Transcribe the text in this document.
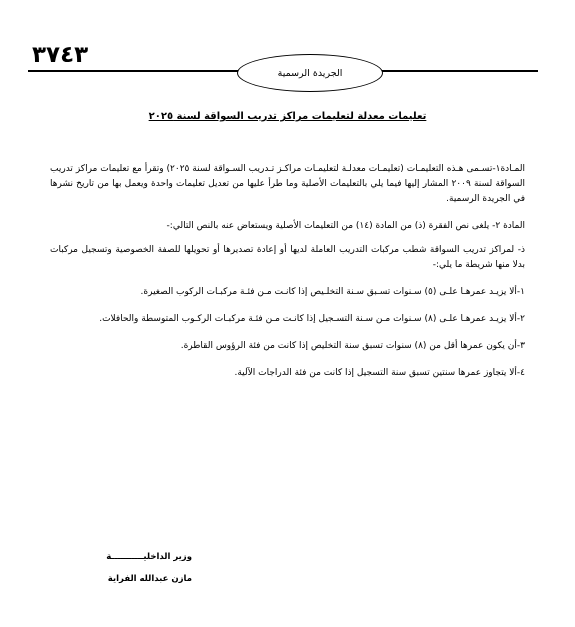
٣٧٤٣
الجريدة الرسمية
تعليمات معدلة لتعليمات مراكز تدريب السواقة لسنة ٢٠٢٥

المـادة١-تسـمى هـذه التعليمـات (تعليمـات معدلـة لتعليمـات مراكـز تـدريب السـواقة لسنة ٢٠٢٥) وتقرأ مع تعليمات مراكز تدريب السواقة لسنة ٢٠٠٩ المشار إليها فيما يلي بالتعليمات الأصلية وما طرأ عليها من تعديل تعليمات واحدة ويعمل بها من تاريخ نشرها في الجريدة الرسمية.

المادة ٢- يلغى نص الفقرة (ذ) من المادة (١٤) من التعليمات الأصلية ويستعاض عنه بالنص التالي:-

ذ- لمراكز تدريب السواقة شطب مركبات التدريب العاملة لديها أو إعادة تصديرها أو تحويلها للصفة الخصوصية وتسجيل مركبات بدلا منها شريطة ما يلي:-

١-ألا يزيـد عمرهـا علـى (٥) سـنوات تسـبق سـنة التخلـيص إذا كانـت مـن فئـة مركبـات الركوب الصغيرة.

٢-ألا يزيـد عمرهـا علـى (٨) سـنوات مـن سـنة التسـجيل إذا كانـت مـن فئـة مركبـات الركـوب المتوسطة والحافلات.

٣-أن يكون عمرها أقل من (٨) سنوات تسبق سنة التخليص إذا كانت من فئة الرؤوس القاطرة.

٤-ألا يتجاوز عمرها سنتين تسبق سنة التسجيل إذا كانت من فئة الدراجات الآلية.

وزير الداخليـــــــــــة
مازن عبدالله الفراية
